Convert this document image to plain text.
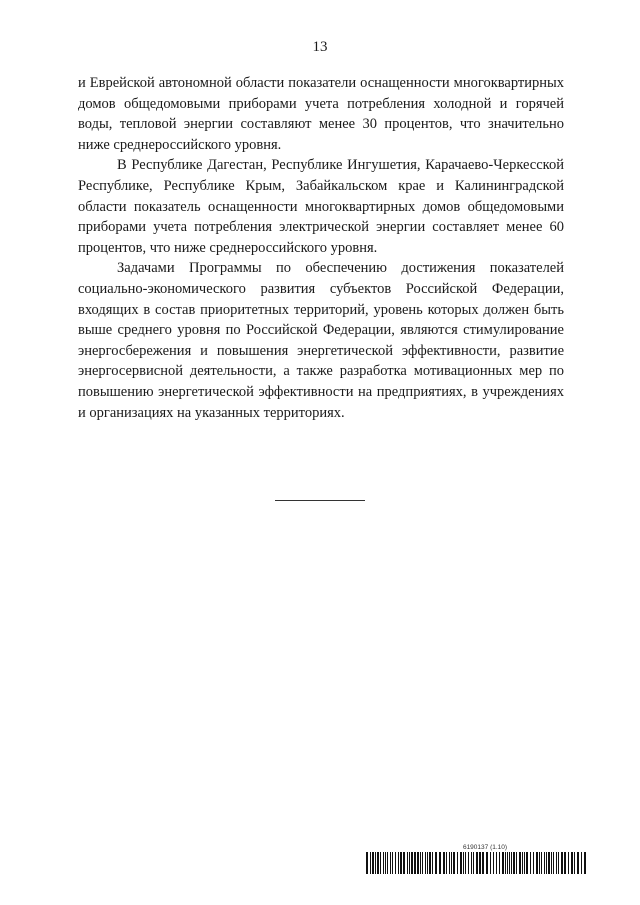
13

и Еврейской автономной области показатели оснащенности многоквартирных домов общедомовыми приборами учета потребления холодной и горячей воды, тепловой энергии составляют менее 30 процентов, что значительно ниже среднероссийского уровня.

В Республике Дагестан, Республике Ингушетия, Карачаево-Черкесской Республике, Республике Крым, Забайкальском крае и Калининградской области показатель оснащенности многоквартирных домов общедомовыми приборами учета потребления электрической энергии составляет менее 60 процентов, что ниже среднероссийского уровня.

Задачами Программы по обеспечению достижения показателей социально-экономического развития субъектов Российской Федерации, входящих в состав приоритетных территорий, уровень которых должен быть выше среднего уровня по Российской Федерации, являются стимулирование энергосбережения и повышения энергетической эффективности, развитие энергосервисной деятельности, а также разработка мотивационных мер по повышению энергетической эффективности на предприятиях, в учреждениях и организациях на указанных территориях.

6190137 (1.10)
